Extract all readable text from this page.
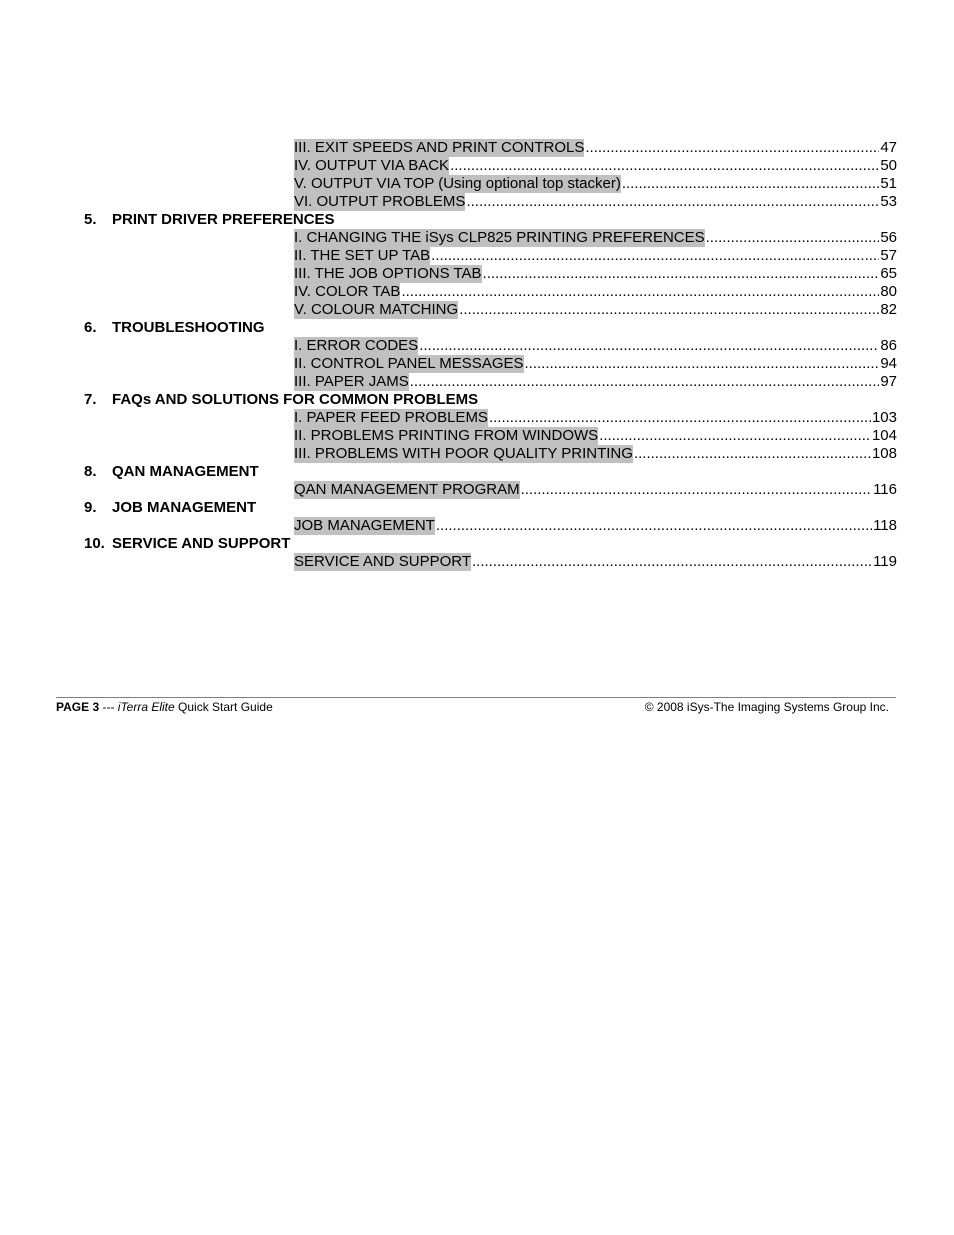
III. EXIT SPEEDS AND PRINT CONTROLS .....	47
IV. OUTPUT VIA BACK .....	50
V. OUTPUT VIA TOP (Using optional top stacker) .....	51
VI. OUTPUT PROBLEMS .....	53
5. PRINT DRIVER PREFERENCES
I. CHANGING THE iSys CLP825 PRINTING PREFERENCES .....	56
II. THE SET UP TAB .....	57
III. THE JOB OPTIONS TAB .....	65
IV. COLOR TAB .....	80
V. COLOUR MATCHING .....	82
6. TROUBLESHOOTING
I. ERROR CODES .....	86
II. CONTROL PANEL MESSAGES .....	94
III. PAPER JAMS .....	97
7. FAQs AND SOLUTIONS FOR COMMON PROBLEMS
I. PAPER FEED PROBLEMS .....	103
II. PROBLEMS PRINTING FROM WINDOWS .....	104
III. PROBLEMS WITH POOR QUALITY PRINTING .....	108
8. QAN MANAGEMENT
QAN MANAGEMENT PROGRAM .....	116
9. JOB MANAGEMENT
JOB MANAGEMENT .....	118
10. SERVICE AND SUPPORT
SERVICE AND SUPPORT .....	119
PAGE 3 --- iTerra Elite Quick Start Guide	© 2008 iSys-The Imaging Systems Group Inc.
